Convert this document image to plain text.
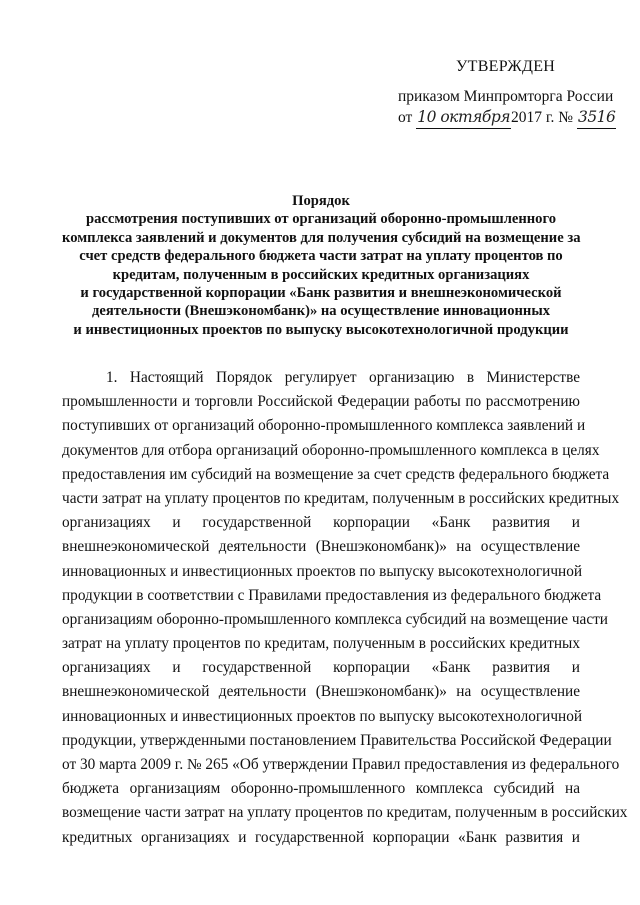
УТВЕРЖДЕН
приказом Минпромторга России
от 10 октября2017 г. № 3516
Порядок
рассмотрения поступивших от организаций оборонно-промышленного
комплекса заявлений и документов для получения субсидий на возмещение за
счет средств федерального бюджета части затрат на уплату процентов по
кредитам, полученным в российских кредитных организациях
и государственной корпорации «Банк развития и внешнеэкономической
деятельности (Внешэкономбанк)» на осуществление инновационных
и инвестиционных проектов по выпуску высокотехнологичной продукции
1. Настоящий Порядок регулирует организацию в Министерстве
промышленности и торговли Российской Федерации работы по рассмотрению
поступивших от организаций оборонно-промышленного комплекса заявлений и
документов для отбора организаций оборонно-промышленного комплекса в целях
предоставления им субсидий на возмещение за счет средств федерального бюджета
части затрат на уплату процентов по кредитам, полученным в российских кредитных
организациях и государственной корпорации «Банк развития и
внешнеэкономической деятельности (Внешэкономбанк)» на осуществление
инновационных и инвестиционных проектов по выпуску высокотехнологичной
продукции в соответствии с Правилами предоставления из федерального бюджета
организациям оборонно-промышленного комплекса субсидий на возмещение части
затрат на уплату процентов по кредитам, полученным в российских кредитных
организациях и государственной корпорации «Банк развития и
внешнеэкономической деятельности (Внешэкономбанк)» на осуществление
инновационных и инвестиционных проектов по выпуску высокотехнологичной
продукции, утвержденными постановлением Правительства Российской Федерации
от 30 марта 2009 г. № 265 «Об утверждении Правил предоставления из федерального
бюджета организациям оборонно-промышленного комплекса субсидий на
возмещение части затрат на уплату процентов по кредитам, полученным в российских
кредитных организациях и государственной корпорации «Банк развития и
